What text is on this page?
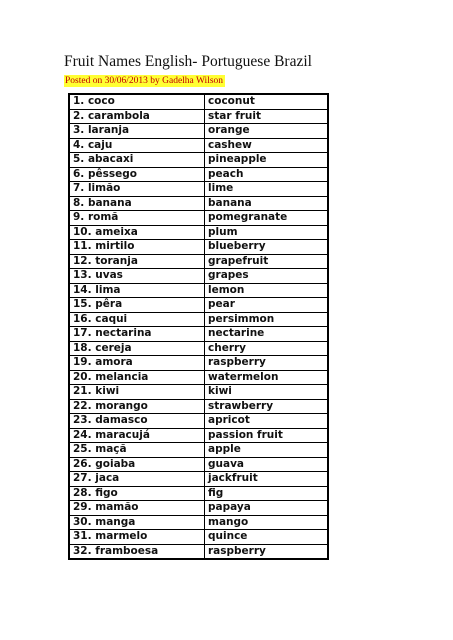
Fruit Names English- Portuguese Brazil
Posted on 30/06/2013 by Gadelha Wilson
1. coco	coconut
2. carambola	star fruit
3. laranja	orange
4. caju	cashew
5. abacaxi	pineapple
6. pêssego	peach
7. limão	lime
8. banana	banana
9. romã	pomegranate
10. ameixa	plum
11. mirtilo	blueberry
12. toranja	grapefruit
13. uvas	grapes
14. lima	lemon
15. pêra	pear
16. caqui	persimmon
17. nectarina	nectarine
18. cereja	cherry
19. amora	raspberry
20. melancia	watermelon
21. kiwi	kiwi
22. morango	strawberry
23. damasco	apricot
24. maracujá	passion fruit
25. maçã	apple
26. goiaba	guava
27. jaca	jackfruit
28. figo	fig
29. mamão	papaya
30. manga	mango
31. marmelo	quince
32. framboesa	raspberry
